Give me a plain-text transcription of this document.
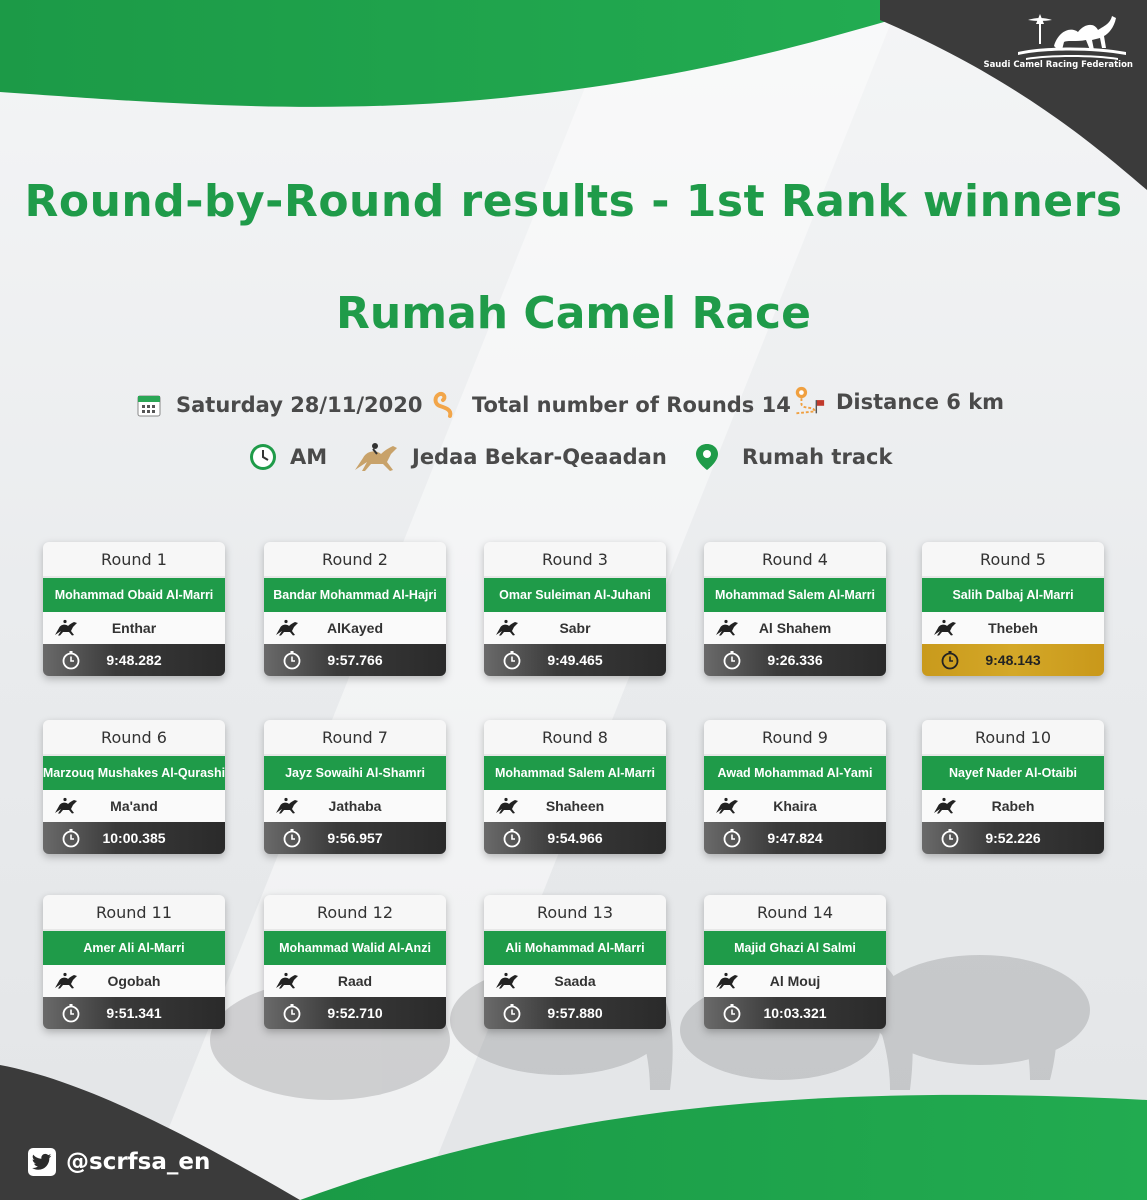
Saudi Camel Racing Federation
Round-by-Round results - 1st Rank winners
Rumah Camel Race
Saturday 28/11/2020 Total number of Rounds 14 Distance 6 km
AM	Jedaa Bekar-Qeaadan	Rumah track
Round 1
Mohammad Obaid Al-Marri
Enthar
9:48.282
Round 2
Bandar Mohammad Al-Hajri
AlKayed
9:57.766
Round 3
Omar Suleiman Al-Juhani
Sabr
9:49.465
Round 4
Mohammad Salem Al-Marri
Al Shahem
9:26.336
Round 5
Salih Dalbaj Al-Marri
Thebeh
9:48.143
Round 6
Marzouq Mushakes Al-Qurashi
Ma'and
10:00.385
Round 7
Jayz Sowaihi Al-Shamri
Jathaba
9:56.957
Round 8
Mohammad Salem Al-Marri
Shaheen
9:54.966
Round 9
Awad Mohammad Al-Yami
Khaira
9:47.824
Round 10
Nayef Nader Al-Otaibi
Rabeh
9:52.226
Round 11
Amer Ali Al-Marri
Ogobah
9:51.341
Round 12
Mohammad Walid Al-Anzi
Raad
9:52.710
Round 13
Ali Mohammad Al-Marri
Saada
9:57.880
Round 14
Majid Ghazi Al Salmi
Al Mouj
10:03.321
@scrfsa_en
